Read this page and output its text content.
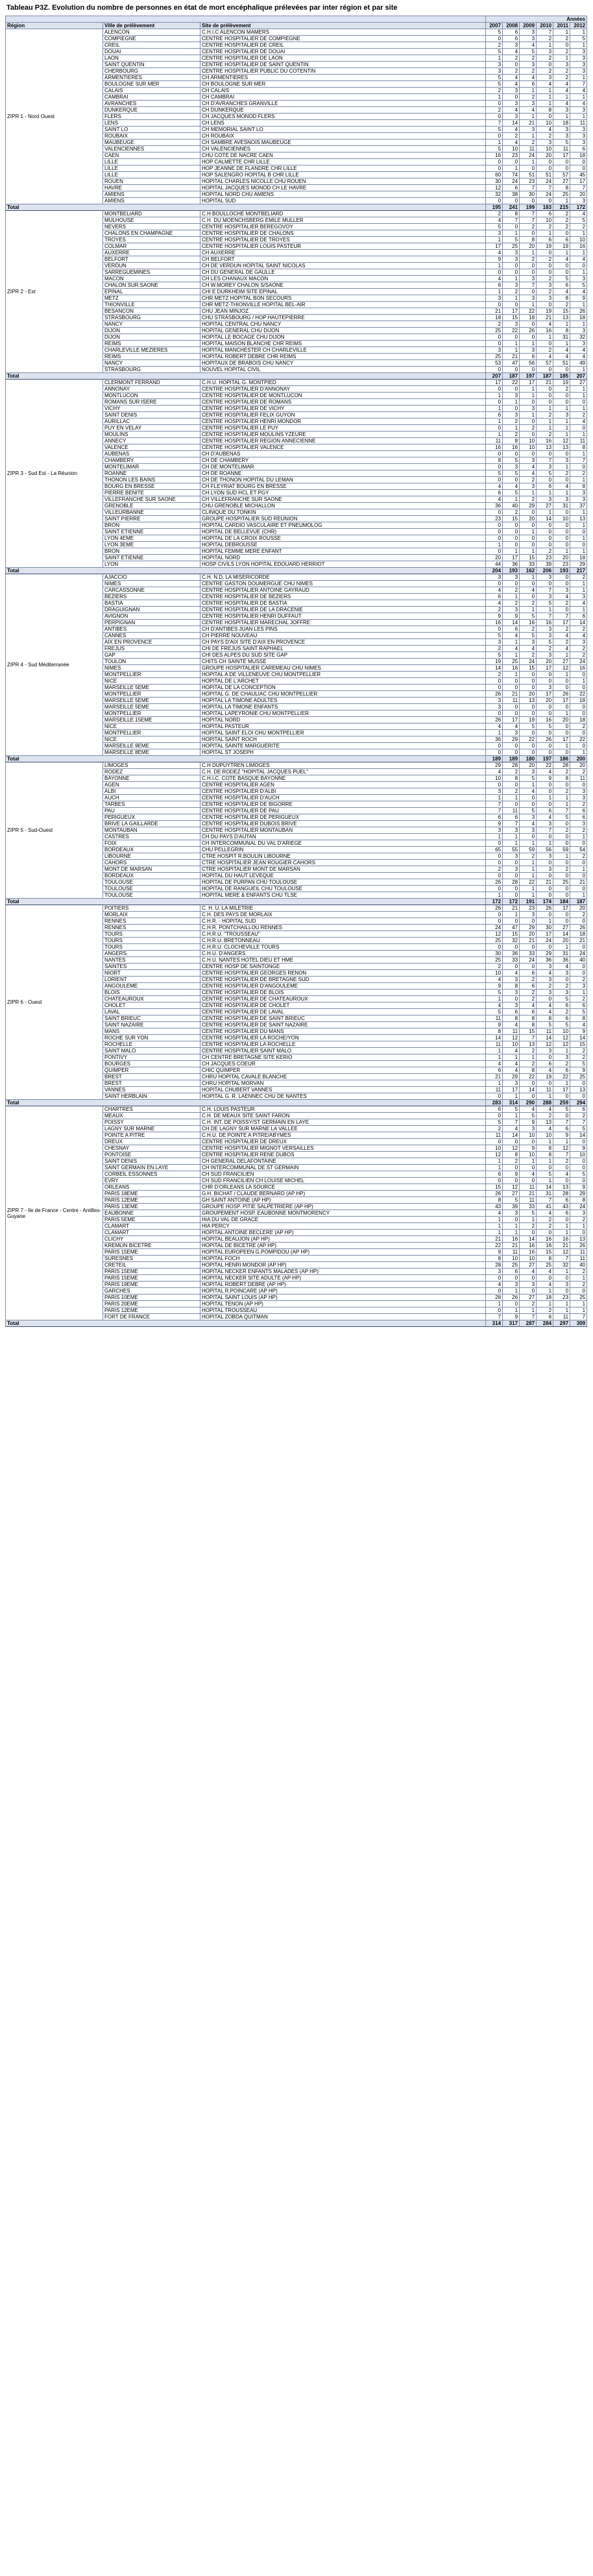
Tableau P3Z. Evolution du nombre de personnes en état de mort encéphalique prélevées par inter région et par site
			Années					
Région	Ville de prélèvement	Site de prélèvement	2007	2008	2009	2010	2011	2012
ZIPR 1 - Nord Ouest	ALENCON	C.H.I.C ALENCON MAMERS	5	6	3	7	1	1
	COMPIEGNE	CENTRE HOSPITALIER DE COMPIEGNE	0	6	3	2	2	5
	CREIL	CENTRE HOSPITALIER DE CREIL	2	3	4	1	0	1
	DOUAI	CENTRE HOSPITALIER DE DOUAI	5	4	5	3	2	3
	LAON	CENTRE HOSPITALIER DE LAON	1	2	2	2	1	3
	SAINT QUENTIN	CENTRE HOSPITALIER DE SAINT QUENTIN	3	0	3	0	3	3
	CHERBOURG	CENTRE HOSPITALIER PUBLIC DU COTENTIN	3	2	2	2	2	3
	ARMENTIERES	CH ARMENTIERES	5	4	4	3	2	1
	BOULOGNE SUR MER	CH BOULOGNE SUR MER	5	4	6	4	4	7
	CALAIS	CH CALAIS	2	3	1	1	4	4
	CAMBRAI	CH CAMBRAI	1	0	2	1	1	1
	AVRANCHES	CH D'AVRANCHES GRANVILLE	0	3	3	1	4	4
	DUNKERQUE	CH DUNKERQUE	2	4	4	8	3	3
	FLERS	CH JACQUES MONOD FLERS	0	3	1	0	1	1
	LENS	CH LENS	7	14	21	10	18	11
	SAINT LO	CH MEMORIAL SAINT LO	5	4	3	4	3	3
	ROUBAIX	CH ROUBAIX	0	2	1	2	3	3
	MAUBEUGE	CH SAMBRE AVESNOIS MAUBEUGE	1	4	2	3	5	3
	VALENCIENNES	CH VALENCIENNES	5	10	11	10	11	6
	CAEN	CHU COTE DE NACRE CAEN	16	23	24	20	17	18
	LILLE	HOP CALMETTE CHR LILLE	0	0	1	0	0	0
	LILLE	HOP JEANNE DE FLANDRE CHR LILLE	0	1	0	0	0	0
	LILLE	HOP SALENGRO HOPITAL B CHR LILLE	60	74	51	51	57	45
	ROUEN	HOPITAL CHARLES NICOLLE CHU ROUEN	30	24	23	24	27	17
	HAVRE	HOPITAL JACQUES MONOD CH LE HAVRE	12	6	7	7	8	7
	AMIENS	HOPITAL NORD CHU AMIENS	32	38	30	24	25	20
	AMIENS	HOPITAL SUD	0	0	0	0	1	3
Total			195	241	199	183	215	172
ZIPR 2 - Est	MONTBELIARD	C.H BOULLOCHE MONTBELIARD	2	8	7	6	2	4
	MULHOUSE	C.H. DU MOENCHSBERG EMILE MULLER	4	7	7	10	2	5
	NEVERS	CENTRE HOSPITALIER BEREGOVOY	5	0	2	2	2	2
	CHALONS EN CHAMPAGNE	CENTRE HOSPITALIER DE CHALONS	3	1	0	1	0	1
	TROYES	CENTRE HOSPITALIER DE TROYES	1	5	8	6	6	10
	COLMAR	CENTRE HOSPITALIER LOUIS PASTEUR	17	25	20	19	19	16
	AUXERRE	CH AUXERRE	4	3	1	0	1	1
	BELFORT	CH BELFORT	9	3	2	2	4	4
	VERDUN	CH DE VERDUN HOPITAL SAINT NICOLAS	1	0	0	0	0	0
	SARREGUEMINES	CH DU GENERAL DE GAULLE	0	0	0	0	0	1
	MACON	CH LES CHANAUX MACON	4	1	3	2	5	3
	CHALON SUR SAONE	CH W.MOREY CHALON S/SAONE	6	3	7	3	6	5
	EPINAL	CHI E DURKHEIM SITE EPINAL	1	2	0	2	4	4
	METZ	CHR METZ HOPITAL BON SECOURS	3	1	3	3	8	9
	THIONVILLE	CHR METZ-THIONVILLE HOPITAL BEL-AIR	0	0	1	0	2	1
	BESANCON	CHU JEAN MINJOZ	21	17	22	19	15	26
	STRASBOURG	CHU STRASBOURG / HOP HAUTEPIERRE	18	15	18	21	13	18
	NANCY	HOPITAL CENTRAL CHU NANCY	2	3	0	4	1	1
	DIJON	HOPITAL GENERAL CHU DIJON	25	22	26	16	8	3
	DIJON	HOPITAL LE BOCAGE CHU DIJON	0	0	0	1	31	32
	REIMS	HOPITAL MAISON BLANCHE CHR REIMS	0	1	1	0	1	3
	CHARLEVILLE MEZIERES	HOPITAL MANCHESTER CH CHARLEVILLE	3	1	3	2	4	4
	REIMS	HOPITAL ROBERT DEBRE CHR REIMS	25	21	6	4	4	4
	NANCY	HOPITAUX DE BRABOIS CHU NANCY	53	47	56	57	51	49
	STRASBOURG	NOUVEL HOPITAL CIVIL	0	0	0	0	0	1
Total			207	187	197	187	185	207
ZIPR 3 - Sud Est - La Réunion	CLERMONT FERRAND	C.H.U. HOPITAL G. MONTPIED	17	22	17	21	19	27
	ANNONAY	CENTRE HOSPITALIER D'ANNONAY	0	0	1	0	2	1
	MONTLUCON	CENTRE HOSPITALIER DE MONTLUCON	1	3	1	0	0	1
	ROMANS SUR ISERE	CENTRE HOSPITALIER DE ROMANS	0	1	0	0	0	0
	VICHY	CENTRE HOSPITALIER DE VICHY	1	0	3	1	1	1
	SAINT DENIS	CENTRE HOSPITALIER FELIX GUYON	6	3	1	2	3	2
	AURILLAC	CENTRE HOSPITALIER HENRI MONDOR	1	2	0	1	1	4
	PUY EN VELAY	CENTRE HOSPITALIER LE PUY	0	1	2	1	1	0
	MOULINS	CENTRE HOSPITALIER MOULINS YZEURE	1	2	0	2	1	1
	ANNECY	CENTRE HOSPITALIER REGION ANNECIENNE	11	8	10	16	12	11
	VALENCE	CENTRE HOSPITALIER VALENCE	16	16	10	13	13	8
	AUBENAS	CH D'AUBENAS	0	0	0	0	0	1
	CHAMBERY	CH DE CHAMBERY	8	5	3	7	3	7
	MONTELIMAR	CH DE MONTELIMAR	0	3	4	3	1	0
	ROANNE	CH DE ROANNE	5	5	4	5	2	2
	THONON LES BAINS	CH DE THONON HOPITAL DU LEMAN	0	0	2	0	0	1
	BOURG EN BRESSE	CH FLEYRIAT BOURG EN BRESSE	4	4	3	6	4	8
	PIERRE BENITE	CH LYON SUD HCL ET PGY	6	5	1	1	1	3
	VILLEFRANCHE SUR SAONE	CH VILLEFRANCHE SUR SAONE	4	1	2	3	3	3
	GRENOBLE	CHU GRENOBLE MICHALLON	36	40	29	27	31	37
	VILLEURBANNE	CLINIQUE DU TONKIN	0	2	0	1	0	1
	SAINT PIERRE	GROUPE HOSPITALIER SUD REUNION	23	15	20	14	10	13
	BRON	HOPITAL CARDIO VASCULAIRE ET PNEUMOLOG	0	0	0	0	0	1
	SAINT ETIENNE	HOPITAL DE BELLEVUE (CHR)	0	0	1	0	0	0
	LYON 4EME	HOPITAL DE LA CROIX ROUSSE	0	0	0	0	0	1
	LYON 3EME	HOPITAL DEBROUSSE	1	0	0	0	0	0
	BRON	HOPITAL FEMME MERE ENFANT	0	1	1	2	1	1
	SAINT ETIENNE	HOPITAL NORD	20	17	15	23	20	18
	LYON	HOSP CIVILS LYON HOPITAL EDOUARD HERRIOT	44	36	33	39	23	29
Total			204	193	162	206	193	217
ZIPR 4 - Sud Méditerranée	AJACCIO	C.H. N.D. LA MISERICORDE	3	3	1	3	0	2
	NIMES	CENTRE GASTON DOUMERGUE CHU NIMES	0	0	0	0	0	1
	CARCASSONNE	CENTRE HOSPITALIER ANTOINE GAYRAUD	4	2	4	7	3	1
	BEZIERS	CENTRE HOSPITALIER DE BEZIERS	6	1	0	3	4	3
	BASTIA	CENTRE HOSPITALIER DE BASTIA	4	2	2	5	2	4
	DRAGUIGNAN	CENTRE HOSPITALIER DE LA DRACENIE	2	3	1	1	0	1
	AVIGNON	CENTRE HOSPITALIER HENRI DUFFAUT	9	9	5	7	7	6
	PERPIGNAN	CENTRE HOSPITALIER MARECHAL JOFFRE	16	14	16	16	17	14
	ANTIBES	CH D'ANTIBES JUAN LES PINS	0	6	2	3	2	2
	CANNES	CH PIERRE NOUVEAU	5	4	5	3	4	4
	AIX EN PROVENCE	CH PAYS D'AIX SITE D'AIX EN PROVENCE	3	1	3	5	2	3
	FREJUS	CHI DE FREJUS SAINT RAPHAEL	2	4	4	2	4	2
	GAP	CHI DES ALPES DU SUD SITE GAP	5	1	2	3	1	2
	TOULON	CHITS CH SAINTE MUSSE	19	25	24	20	27	24
	NIMES	GROUPE HOSPITALIER CAREMEAU CHU NIMES	14	16	15	17	12	16
	MONTPELLIER	HOPITAL A DE VILLENEUVE CHU MONTPELLIER	2	1	0	0	1	0
	NICE	HOPITAL DE L'ARCHET	0	0	0	0	0	1
	MARSEILLE 5EME	HOPITAL DE LA CONCEPTION	0	0	0	3	0	0
	MONTPELLIER	HOPITAL G. DE CHAULIAC CHU MONTPELLIER	26	21	20	17	26	22
	MARSEILLE 5EME	HOPITAL LA TIMONE ADULTES	3	11	13	20	17	18
	MARSEILLE 5EME	HOPITAL LA TIMONE ENFANTS	3	0	0	0	0	0
	MONTPELLIER	HOPITAL LAPEYRONIE CHU MONTPELLIER	0	0	0	0	1	0
	MARSEILLE 15EME	HOPITAL NORD	26	17	19	16	20	18
	NICE	HOPITAL PASTEUR	4	4	5	5	0	2
	MONTPELLIER	HOPITAL SAINT ELOI CHU MONTPELLIER	1	3	0	0	0	0
	NICE	HOPITAL SAINT ROCH	36	29	22	26	17	22
	MARSEILLE 9EME	HOPITAL SAINTE MARGUERITE	0	0	0	0	1	0
	MARSEILLE 8EME	HOPITAL ST JOSEPH	0	0	0	0	0	1
Total			189	189	180	197	186	200
ZIPR 5 - Sud-Ouest	LIMOGES	C.H DUPUYTREN LIMOGES	29	28	20	22	28	20
	RODEZ	C.H. DE RODEZ "HOPITAL JACQUES PUEL"	4	2	3	4	2	2
	BAYONNE	C.H.I.C. COTE BASQUE BAYONNE	10	8	5	9	8	11
	AGEN	CENTRE HOSPITALIER AGEN	0	0	1	0	0	0
	ALBI	CENTRE HOSPITALIER D'ALBI	3	2	4	0	2	3
	AUCH	CENTRE HOSPITALIER D'AUCH	1	1	0	1	1	3
	TARBES	CENTRE HOSPITALIER DE BIGORRE	7	0	0	0	1	2
	PAU	CENTRE HOSPITALIER DE PAU	7	11	5	6	7	6
	PERIGUEUX	CENTRE HOSPITALIER DE PERIGUEUX	6	6	3	4	5	6
	BRIVE LA GAILLARDE	CENTRE HOSPITALIER DUBOIS BRIVE	9	7	4	3	0	3
	MONTAUBAN	CENTRE HOSPITALIER MONTAUBAN	3	3	3	7	2	2
	CASTRES	CH DU PAYS D'AUTAN	1	1	0	0	0	1
	FOIX	CH INTERCOMMUNAL DU VAL D'ARIEGE	0	1	1	1	0	0
	BORDEAUX	CHU PELLEGRIN	65	55	59	56	59	54
	LIBOURNE	CTRE HOSPIT R.BOULIN LIBOURNE	0	3	2	3	1	2
	CAHORS	CTRE HOSPITALIER JEAN ROUGIER CAHORS	0	0	1	0	0	0
	MONT DE MARSAN	CTRE HOSPITALIER MONT DE MARSAN	2	3	1	3	2	1
	BORDEAUX	HOPITAL DU HAUT LEVEQUE	0	0	1	0	0	0
	TOULOUSE	HOPITAL DE PURPAN CHU TOULOUSE	26	28	22	21	25	21
	TOULOUSE	HOPITAL DE RANGUEIL CHU TOULOUSE	0	0	1	0	0	0
	TOULOUSE	HOPITAL MERE & ENFANTS CHU TLSE	1	0	1	0	0	1
Total			172	172	191	174	184	187
ZIPR 6 - Ouest	POITIERS	C. H. U. LA MILETRIE	26	21	23	26	17	20
	MORLAIX	C.H. DES PAYS DE MORLAIX	0	1	3	0	0	2
	RENNES	C.H.R. - HOPITAL SUD	0	0	0	1	0	0
	RENNES	C.H.R. PONTCHAILLOU RENNES	24	47	29	30	27	26
	TOURS	C.H.R.U. "TROUSSEAU"	12	15	20	17	14	18
	TOURS	C.H.R.U. BRETONNEAU	25	32	21	24	20	21
	TOURS	C.H.R.U. CLOCHEVILLE TOURS	0	0	0	0	1	0
	ANGERS	C.H.U. D'ANGERS	30	36	33	29	31	24
	NANTES	C.H.U. NANTES HOTEL DIEU ET HME	25	33	24	36	36	40
	SAINTES	CENTRE HOSP DE SAINTONGE	2	0	0	3	4	0
	NIORT	CENTRE HOSPITALIER GEORGES RENON	10	4	6	4	3	0
	LORIENT	CENTRE HOSPITALIER DE BRETAGNE SUD	4	3	2	3	0	2
	ANGOULEME	CENTRE HOSPITALIER D'ANGOULEME	9	8	6	2	2	3
	BLOIS	CENTRE HOSPITALIER DE BLOIS	5	3	2	3	3	1
	CHATEAUROUX	CENTRE HOSPITALIER DE CHATEAUROUX	1	0	2	0	5	2
	CHOLET	CENTRE HOSPITALIER DE CHOLET	4	3	4	4	6	6
	LAVAL	CENTRE HOSPITALIER DE LAVAL	5	6	6	4	2	5
	SAINT BRIEUC	CENTRE HOSPITALIER DE SAINT BRIEUC	11	8	8	8	6	8
	SAINT NAZAIRE	CENTRE HOSPITALIER DE SAINT NAZAIRE	9	4	8	5	5	4
	MANS	CENTRE HOSPITALIER DU MANS	8	11	15	11	10	9
	ROCHE SUR YON	CENTRE HOSPITALIER LA ROCHE/YON	14	12	7	14	12	14
	ROCHELLE	CENTRE HOSPITALIER LA ROCHELLE	11	10	13	12	12	15
	SAINT MALO	CENTRE HOSPITALIER SAINT MALO	1	4	2	3	1	2
	PONTIVY	CH CENTRE BRETAGNE SITE KERIO	1	1	1	0	3	2
	BOURGES	CH JACQUES COEUR	4	4	2	6	2	5
	QUIMPER	CHIC QUIMPER	6	4	8	4	6	9
	BREST	CHRU HOPITAL CAVALE BLANCHE	21	29	22	19	22	25
	BREST	CHRU HOPITAL MORVAN	1	3	0	0	1	0
	VANNES	HOPITAL CHUBERT VANNES	11	17	14	11	17	13
	SAINT HERBLAIN	HOPITAL G. R. LAENNEC CHU DE NANTES	0	1	0	1	0	0
Total			283	314	290	288	259	294
ZIPR 7 - Ile de France - Centre - Antilles-Guyane	CHARTRES	C.H. LOUIS PASTEUR	6	5	4	4	5	6
	MEAUX	C.H. DE MEAUX SITE SAINT FARON	0	1	5	2	0	2
	POISSY	C.H. INT. DE POISSY/ST GERMAIN EN LAYE	5	7	9	13	7	7
	LAGNY SUR MARNE	CH DE LAGNY SUR MARNE LA VALLEE	2	4	3	4	6	5
	POINTE A PITRE	C.H.U. DE POINTE A PITRE/ABYMES	11	14	10	10	9	14
	DREUX	CENTRE HOSPITALIER DE DREUX	0	0	0	1	1	0
	CHESNAY	CENTRE HOSPITALIER MIGNOT VERSAILLES	10	12	9	8	12	9
	PONTOISE	CENTRE HOSPITALIER RENE DUBOS	12	8	10	8	7	10
	SAINT DENIS	CH GENERAL DELAFONTAINE	1	2	1	1	2	0
	SAINT GERMAIN EN LAYE	CH INTERCOMMUNAL DE ST GERMAIN	1	0	0	0	0	0
	CORBEIL ESSONNES	CH SUD FRANCILIEN	6	9	4	5	4	5
	EVRY	CH SUD FRANCILIEN CH LOUISE MICHEL	0	0	0	1	0	0
	ORLEANS	CHR D'ORLEANS LA SOURCE	15	12	11	14	13	9
	PARIS 18EME	G.H. BICHAT / CLAUDE BERNARD (AP HP)	26	27	21	31	28	29
	PARIS 12EME	GH SAINT ANTOINE (AP HP)	8	5	11	7	6	8
	PARIS 13EME	GROUPE HOSP. PITIE SALPETRIERE (AP HP)	43	39	33	41	43	24
	EAUBONNE	GROUPEMENT HOSP. EAUBONNE MONTMORENCY	4	3	5	4	6	3
	PARIS 5EME	HIA DU VAL DE GRACE	1	0	1	2	0	2
	CLAMART	HIA PERCY	1	1	2	2	1	1
	CLAMART	HOPITAL ANTOINE BECLERE (AP HP)	1	1	0	0	1	0
	CLICHY	HOPITAL BEAUJON (AP HP)	21	16	14	16	16	13
	KREMLIN BICETRE	HOPITAL DE BICETRE (AP HP)	22	21	16	18	21	26
	PARIS 15EME	HOPITAL EUROPEEN G.POMPIDOU (AP HP)	9	11	16	15	12	11
	SURESNES	HOPITAL FOCH	8	10	10	8	7	11
	CRETEIL	HOPITAL HENRI MONDOR (AP HP)	28	25	27	25	32	40
	PARIS 15EME	HOPITAL NECKER ENFANTS MALADES (AP HP)	3	6	4	4	1	2
	PARIS 15EME	HOPITAL NECKER SITE ADULTE (AP HP)	0	0	0	0	0	1
	PARIS 19EME	HOPITAL ROBERT DEBRE (AP HP)	4	3	3	4	3	2
	GARCHES	HOPITAL R.POINCARE (AP HP)	0	1	0	1	0	0
	PARIS 10EME	HOPITAL SAINT LOUIS (AP HP)	28	26	27	18	23	25
	PARIS 20EME	HOPITAL TENON (AP HP)	1	0	2	1	1	1
	PARIS 12EME	HOPITAL TROUSSEAU	0	1	1	2	1	1
	FORT DE FRANCE	HOPITAL ZOBDA QUITMAN	7	9	7	6	11	7
Total			314	317	287	284	297	309
